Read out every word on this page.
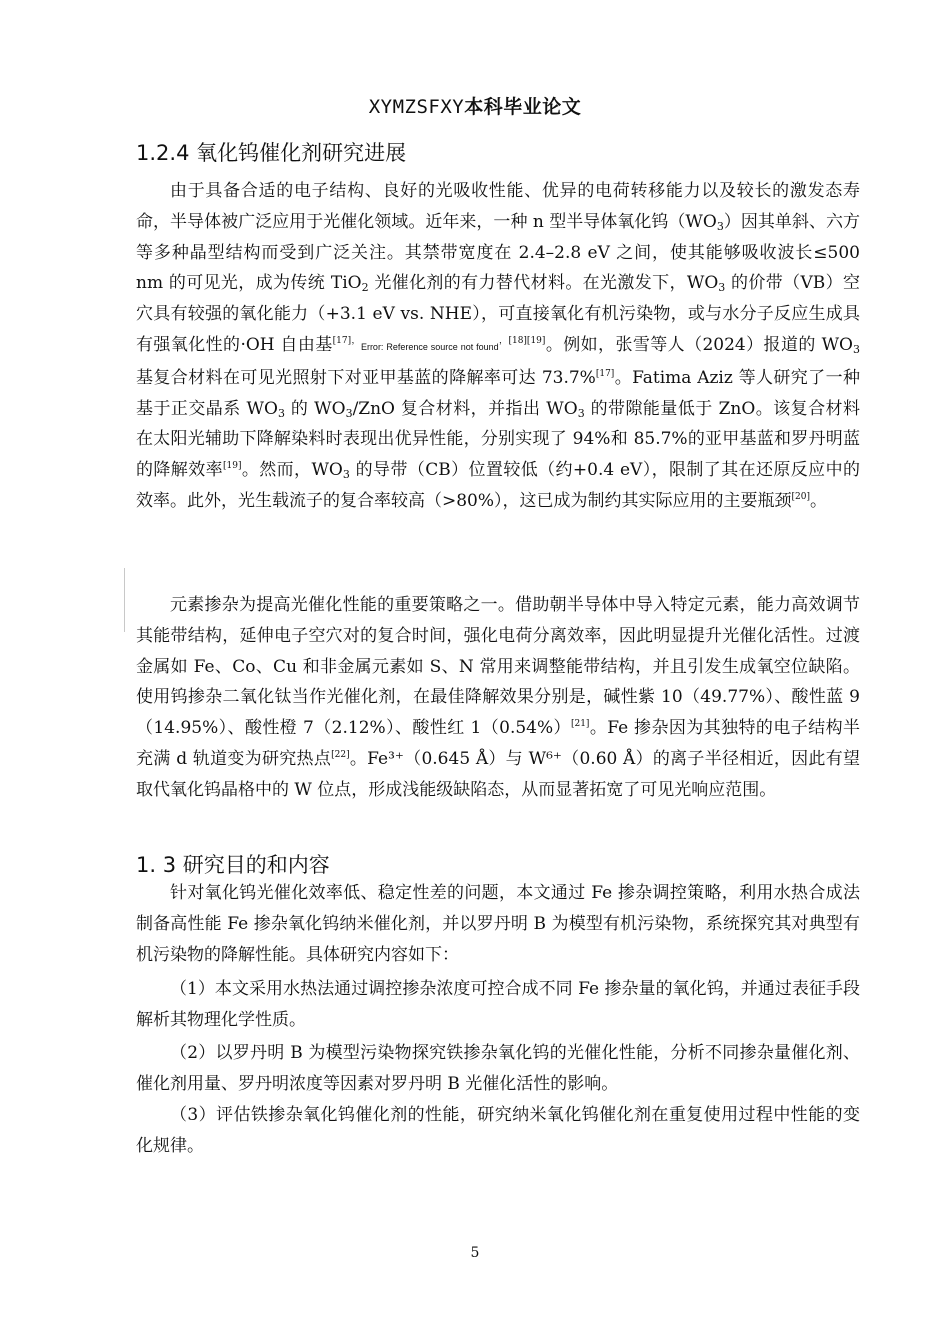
XYMZSFXY本科毕业论文
1.2.4 氧化钨催化剂研究进展

由于具备合适的电子结构、良好的光吸收性能、优异的电荷转移能力以及较长的激发态寿命，半导体被广泛应用于光催化领域。近年来，一种 n 型半导体氧化钨$(WO_3)$因其单斜、六方等多种晶型结构而受到广泛关注。其禁带宽度在 2.4–2.8 eV 之间，使其能够吸收波长≤500 nm 的可见光，成为传统 TiO$_2$ 光催化剂的有力替代材料。在光激发下，$WO_3$ 的价带（VB）空穴具有较强的氧化能力（+3.1 eV vs. NHE），可直接氧化有机污染物，或与水分子反应生成具有强氧化性的·OH 自由基$^{[17],}$Error: Reference source not found$^{,[18][19]}$。例如，张雪等人（2024）报道的 $WO_3$ 基复合材料在可见光照射下对亚甲基蓝的降解率可达 73.7%[17]。Fatima Aziz 等人研究了一种基于正交晶系 $WO_3$ 的 $WO_3$/ZnO 复合材料，并指出 $WO_3$ 的带隙能量低于 ZnO。该复合材料在太阳光辅助下降解染料时表现出优异性能，分别实现了 94%和 85.7%的亚甲基蓝和罗丹明蓝的降解效率[19]。然而，$WO_3$ 的导带（CB）位置较低（约+0.4 eV），限制了其在还原反应中的效率。此外，光生载流子的复合率较高（>80%），这已成为制约其实际应用的主要瓶颈[20]。

元素掺杂为提高光催化性能的重要策略之一。借助朝半导体中导入特定元素，能力高效调节其能带结构，延伸电子空穴对的复合时间，强化电荷分离效率，因此明显提升光催化活性。过渡金属如 Fe、Co、Cu 和非金属元素如 S、N 常用来调整能带结构，并且引发生成氧空位缺陷。使用钨掺杂二氧化钛当作光催化剂，在最佳降解效果分别是，碱性紫 10（49.77%）、酸性蓝 9（14.95%）、酸性橙 7（2.12%）、酸性红 1（0.54%）[21]。Fe 掺杂因为其独特的电子结构半充满 d 轨道变为研究热点[22]。Fe³⁺（0.645 Å）与 W⁶⁺（0.60 Å）的离子半径相近，因此有望取代氧化钨晶格中的 W 位点，形成浅能级缺陷态，从而显著拓宽了可见光响应范围。

1. 3 研究目的和内容

针对氧化钨光催化效率低、稳定性差的问题，本文通过 Fe 掺杂调控策略，利用水热合成法制备高性能 Fe 掺杂氧化钨纳米催化剂，并以罗丹明 B 为模型有机污染物，系统探究其对典型有机污染物的降解性能。具体研究内容如下：

（1）本文采用水热法通过调控掺杂浓度可控合成不同 Fe 掺杂量的氧化钨，并通过表征手段解析其物理化学性质。

（2）以罗丹明 B 为模型污染物探究铁掺杂氧化钨的光催化性能，分析不同掺杂量催化剂、催化剂用量、罗丹明浓度等因素对罗丹明 B 光催化活性的影响。

（3）评估铁掺杂氧化钨催化剂的性能，研究纳米氧化钨催化剂在重复使用过程中性能的变化规律。

5
